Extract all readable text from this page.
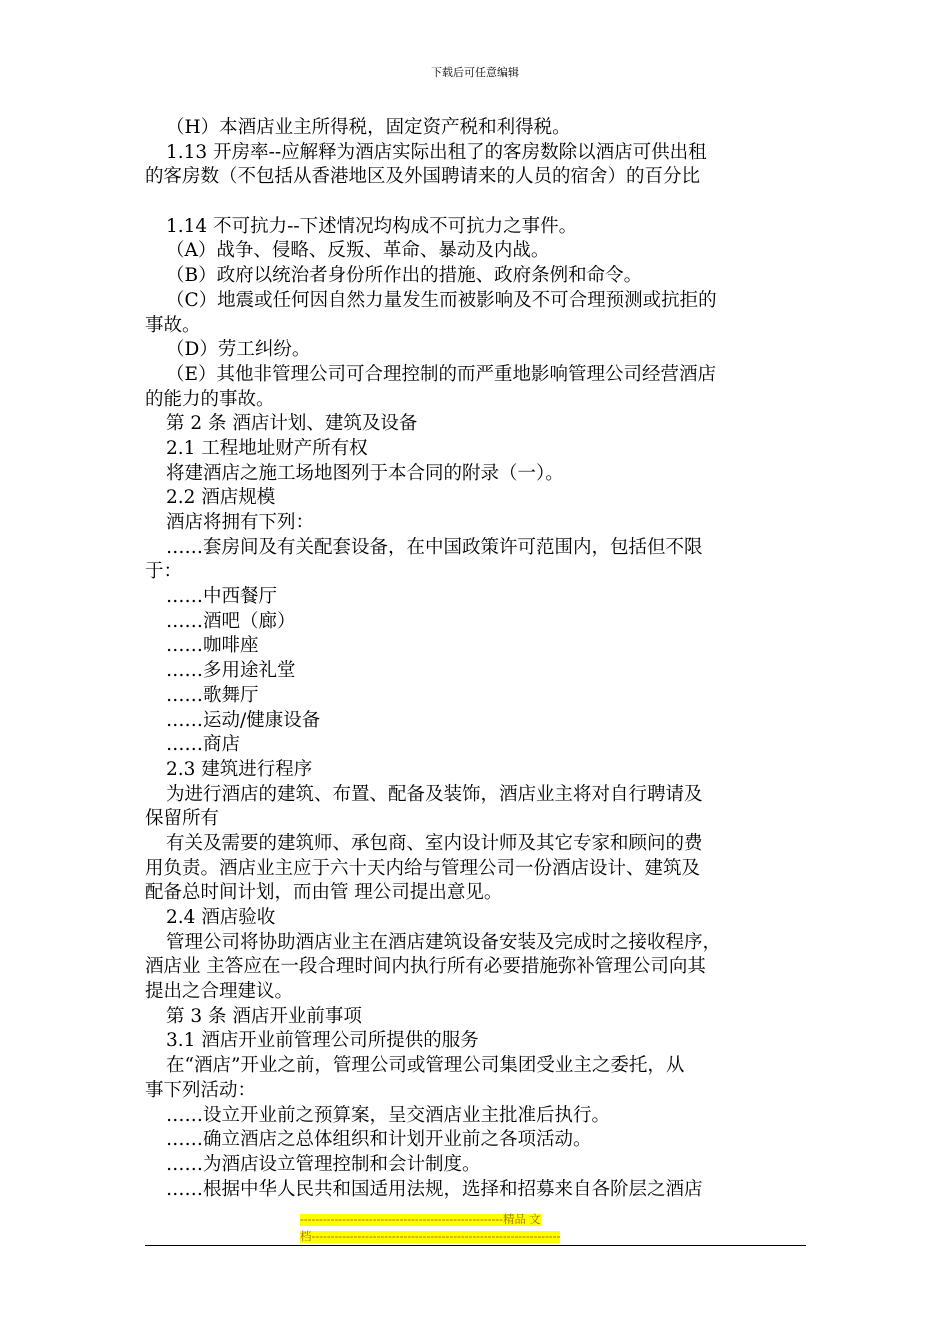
下载后可任意编辑
（H）本酒店业主所得税，固定资产税和利得税。
1.13 开房率--应解释为酒店实际出租了的客房数除以酒店可供出租
的客房数（不包括从香港地区及外国聘请来的人员的宿舍）的百分比
1.14 不可抗力--下述情况均构成不可抗力之事件。
（A）战争、侵略、反叛、革命、暴动及内战。
（B）政府以统治者身份所作出的措施、政府条例和命令。
（C）地震或任何因自然力量发生而被影响及不可合理预测或抗拒的
事故。
（D）劳工纠纷。
（E）其他非管理公司可合理控制的而严重地影响管理公司经营酒店
的能力的事故。
第 2 条 酒店计划、建筑及设备
2.1 工程地址财产所有权
将建酒店之施工场地图列于本合同的附录（一）。
2.2 酒店规模
酒店将拥有下列：
……套房间及有关配套设备，在中国政策许可范围内，包括但不限
于：
……中西餐厅
……酒吧（廊）
……咖啡座
……多用途礼堂
……歌舞厅
……运动/健康设备
……商店
2.3 建筑进行程序
为进行酒店的建筑、布置、配备及装饰，酒店业主将对自行聘请及
保留所有
有关及需要的建筑师、承包商、室内设计师及其它专家和顾问的费
用负责。酒店业主应于六十天内给与管理公司一份酒店设计、建筑及
配备总时间计划，而由管 理公司提出意见。
2.4 酒店验收
管理公司将协助酒店业主在酒店建筑设备安装及完成时之接收程序，
酒店业 主答应在一段合理时间内执行所有必要措施弥补管理公司向其
提出之合理建议。
第 3 条 酒店开业前事项
3.1 酒店开业前管理公司所提供的服务
在“酒店”开业之前，管理公司或管理公司集团受业主之委托，从
事下列活动：
……设立开业前之预算案，呈交酒店业主批准后执行。
……确立酒店之总体组织和计划开业前之各项活动。
……为酒店设立管理控制和会计制度。
……根据中华人民共和国适用法规，选择和招募来自各阶层之酒店
-----------------------------------------------------精品 文
档-----------------------------------------------------------------
